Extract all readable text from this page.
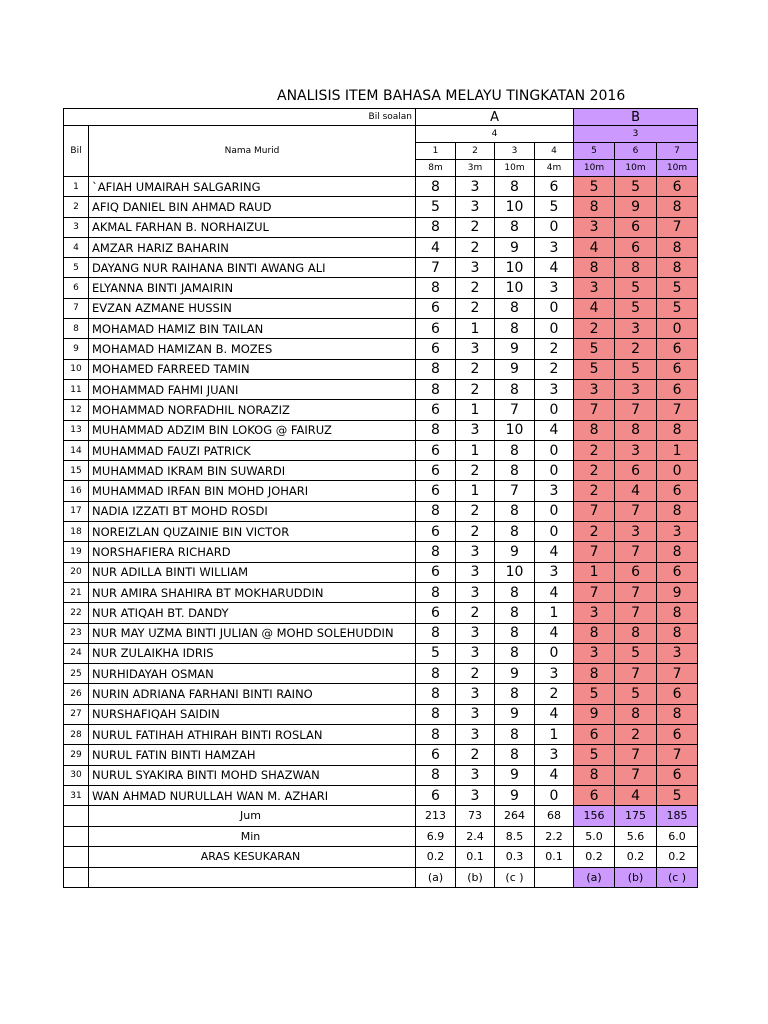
ANALISIS ITEM BAHASA MELAYU TINGKATAN 2016
Bil soalan		A				B		
Bil	Nama Murid	4				3		
		1	2	3	4	5	6	7
		8m	3m	10m	4m	10m	10m	10m
1	`AFIAH UMAIRAH SALGARING	8	3	8	6	5	5	6
2	AFIQ DANIEL BIN AHMAD RAUD	5	3	10	5	8	9	8
3	AKMAL FARHAN B. NORHAIZUL	8	2	8	0	3	6	7
4	AMZAR HARIZ BAHARIN	4	2	9	3	4	6	8
5	DAYANG NUR RAIHANA BINTI AWANG ALI	7	3	10	4	8	8	8
6	ELYANNA BINTI JAMAIRIN	8	2	10	3	3	5	5
7	EVZAN AZMANE HUSSIN	6	2	8	0	4	5	5
8	MOHAMAD HAMIZ BIN TAILAN	6	1	8	0	2	3	0
9	MOHAMAD HAMIZAN B. MOZES	6	3	9	2	5	2	6
10	MOHAMED FARREED TAMIN	8	2	9	2	5	5	6
11	MOHAMMAD FAHMI JUANI	8	2	8	3	3	3	6
12	MOHAMMAD NORFADHIL NORAZIZ	6	1	7	0	7	7	7
13	MUHAMMAD ADZIM BIN LOKOG @ FAIRUZ	8	3	10	4	8	8	8
14	MUHAMMAD FAUZI PATRICK	6	1	8	0	2	3	1
15	MUHAMMAD IKRAM BIN SUWARDI	6	2	8	0	2	6	0
16	MUHAMMAD IRFAN BIN MOHD JOHARI	6	1	7	3	2	4	6
17	NADIA IZZATI BT MOHD ROSDI	8	2	8	0	7	7	8
18	NOREIZLAN QUZAINIE BIN VICTOR	6	2	8	0	2	3	3
19	NORSHAFIERA RICHARD	8	3	9	4	7	7	8
20	NUR ADILLA BINTI WILLIAM	6	3	10	3	1	6	6
21	NUR AMIRA SHAHIRA BT MOKHARUDDIN	8	3	8	4	7	7	9
22	NUR ATIQAH BT. DANDY	6	2	8	1	3	7	8
23	NUR MAY UZMA BINTI JULIAN @ MOHD SOLEHUDDIN	8	3	8	4	8	8	8
24	NUR ZULAIKHA IDRIS	5	3	8	0	3	5	3
25	NURHIDAYAH OSMAN	8	2	9	3	8	7	7
26	NURIN ADRIANA FARHANI BINTI RAINO	8	3	8	2	5	5	6
27	NURSHAFIQAH SAIDIN	8	3	9	4	9	8	8
28	NURUL FATIHAH ATHIRAH BINTI ROSLAN	8	3	8	1	6	2	6
29	NURUL FATIN BINTI HAMZAH	6	2	8	3	5	7	7
30	NURUL SYAKIRA BINTI MOHD SHAZWAN	8	3	9	4	8	7	6
31	WAN AHMAD NURULLAH WAN M. AZHARI	6	3	9	0	6	4	5
	Jum	213	73	264	68	156	175	185
	Min	6.9	2.4	8.5	2.2	5.0	5.6	6.0
	ARAS KESUKARAN	0.2	0.1	0.3	0.1	0.2	0.2	0.2
		(a)	(b)	(c )		(a)	(b)	(c )
